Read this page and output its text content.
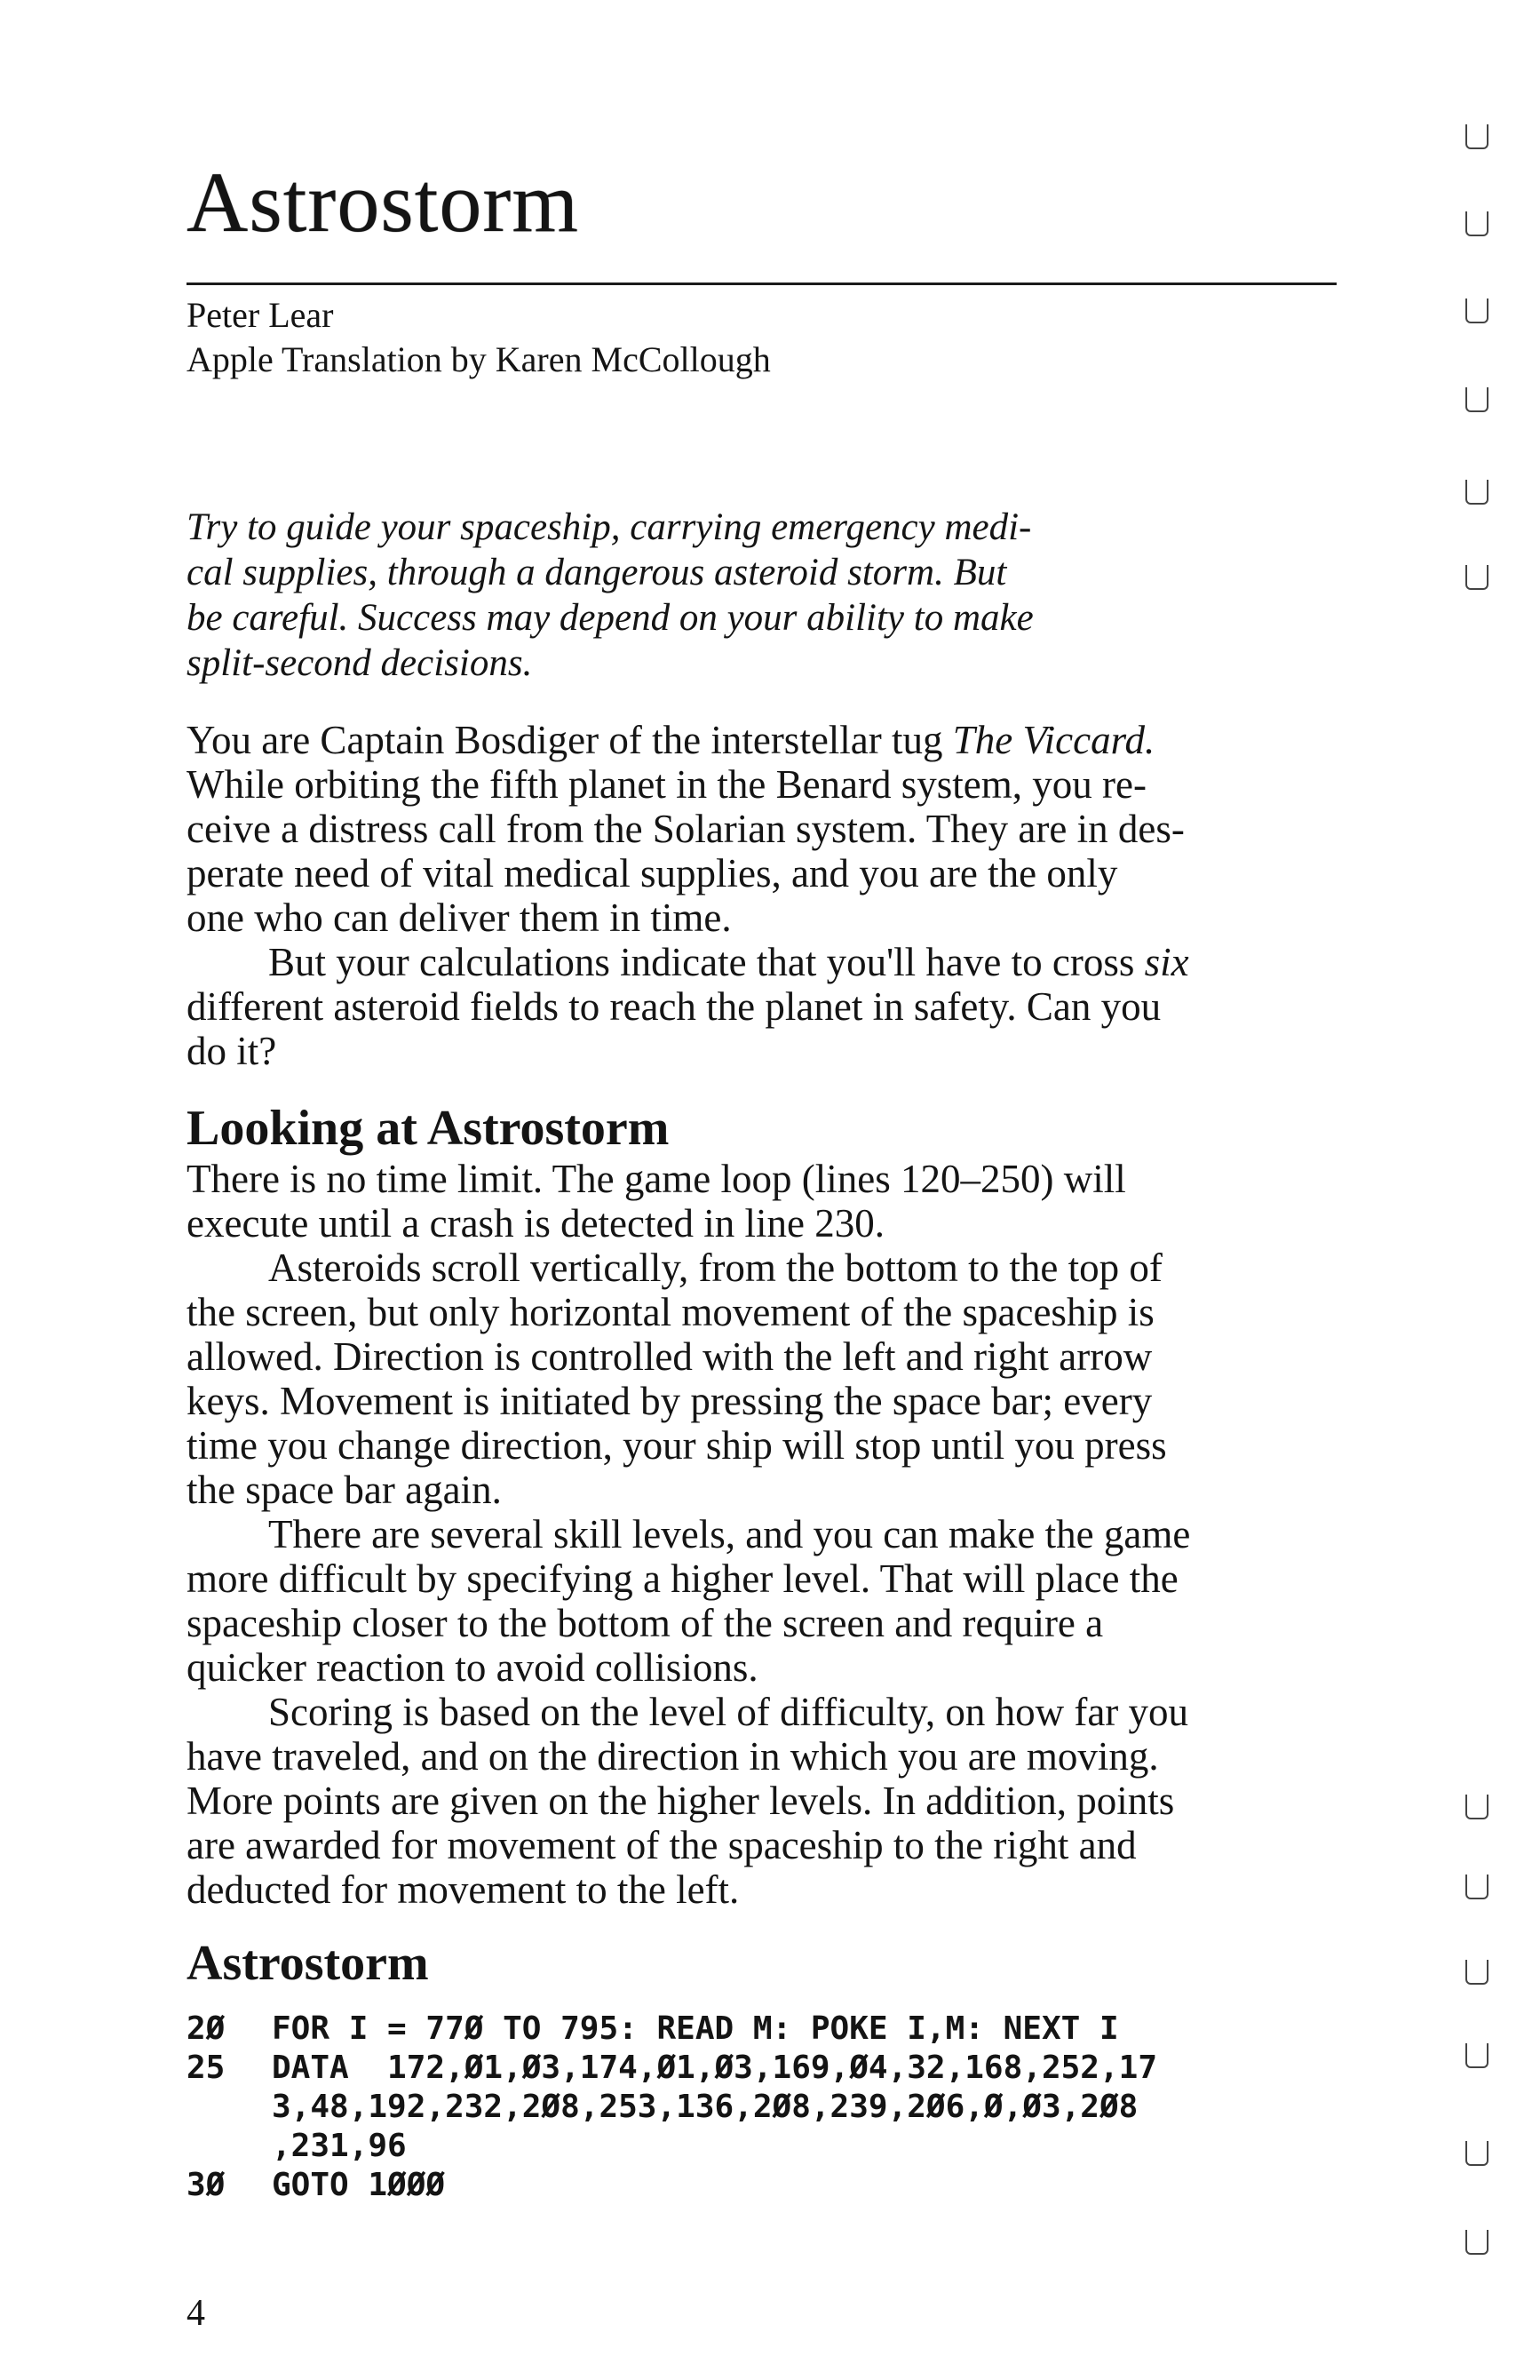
Astrostorm
Peter Lear
Apple Translation by Karen McCollough

Try to guide your spaceship, carrying emergency medi-
cal supplies, through a dangerous asteroid storm. But
be careful. Success may depend on your ability to make
split-second decisions.

You are Captain Bosdiger of the interstellar tug The Viccard.
While orbiting the fifth planet in the Benard system, you re-
ceive a distress call from the Solarian system. They are in des-
perate need of vital medical supplies, and you are the only
one who can deliver them in time.
But your calculations indicate that you'll have to cross six
different asteroid fields to reach the planet in safety. Can you
do it?

Looking at Astrostorm

There is no time limit. The game loop (lines 120–250) will
execute until a crash is detected in line 230.
Asteroids scroll vertically, from the bottom to the top of
the screen, but only horizontal movement of the spaceship is
allowed. Direction is controlled with the left and right arrow
keys. Movement is initiated by pressing the space bar; every
time you change direction, your ship will stop until you press
the space bar again.
There are several skill levels, and you can make the game
more difficult by specifying a higher level. That will place the
spaceship closer to the bottom of the screen and require a
quicker reaction to avoid collisions.
Scoring is based on the level of difficulty, on how far you
have traveled, and on the direction in which you are moving.
More points are given on the higher levels. In addition, points
are awarded for movement of the spaceship to the right and
deducted for movement to the left.

Astrostorm
2Ø FOR I = 77Ø TO 795: READ M: POKE I,M: NEXT I
25 DATA  172,Ø1,Ø3,174,Ø1,Ø3,169,Ø4,32,168,252,17
3,48,192,232,2Ø8,253,136,2Ø8,239,2Ø6,Ø,Ø3,2Ø8
,231,96
3Ø GOTO 1ØØØ
4
